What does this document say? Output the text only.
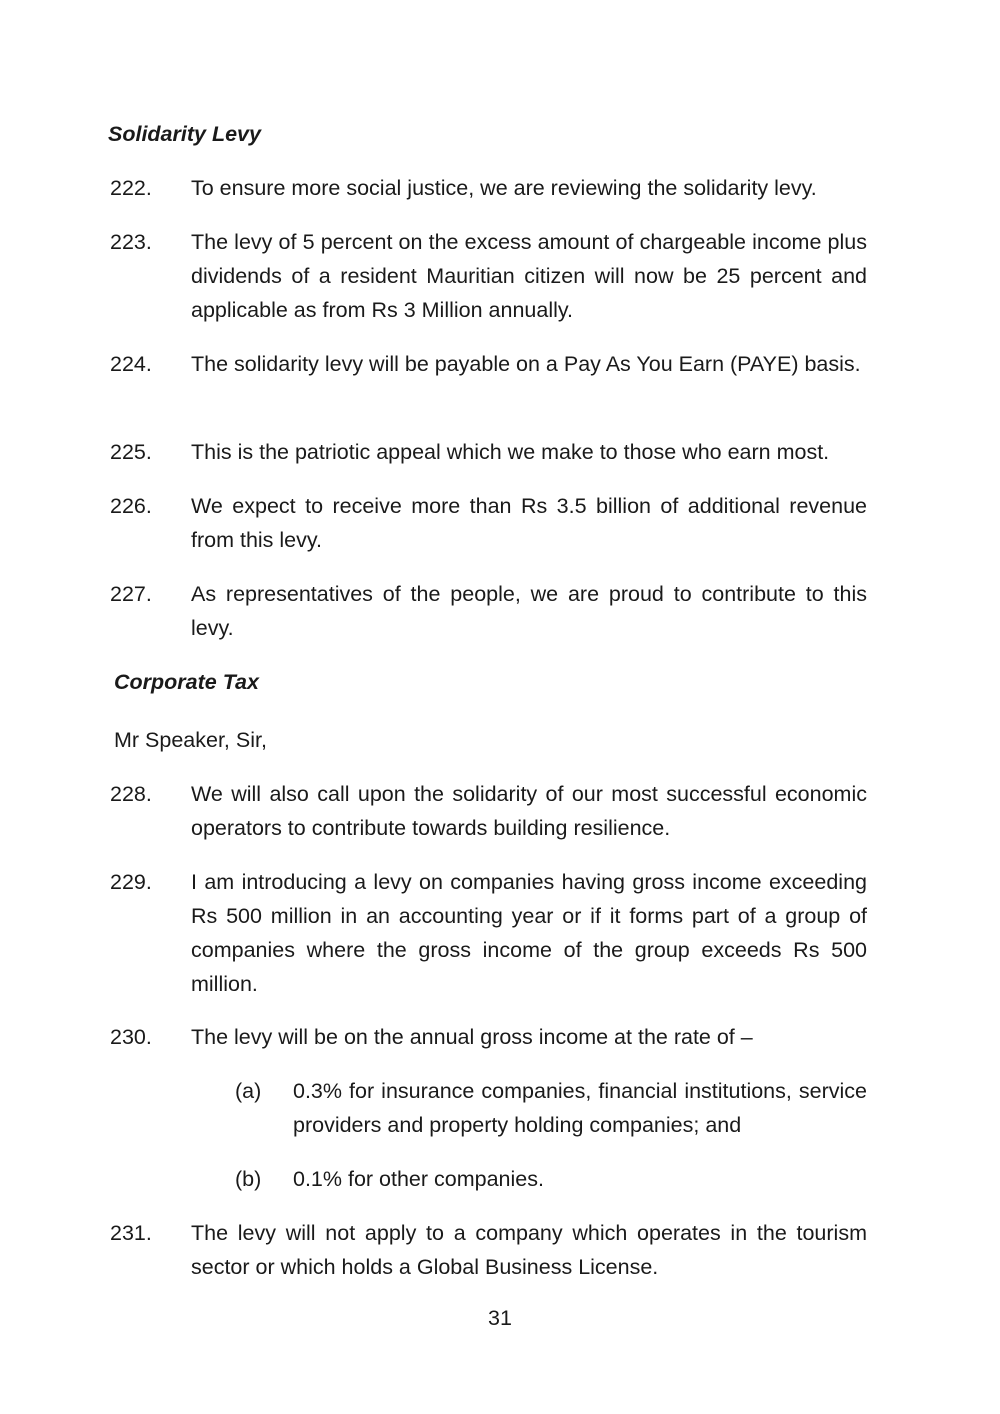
Solidarity Levy

222. To ensure more social justice, we are reviewing the solidarity levy.
223. The levy of 5 percent on the excess amount of chargeable income plus dividends of a resident Mauritian citizen will now be 25 percent and applicable as from Rs 3 Million annually.
224. The solidarity levy will be payable on a Pay As You Earn (PAYE) basis.
225. This is the patriotic appeal which we make to those who earn most.
226. We expect to receive more than Rs 3.5 billion of additional revenue from this levy.
227. As representatives of the people, we are proud to contribute to this levy.

Corporate Tax

Mr Speaker, Sir,

228. We will also call upon the solidarity of our most successful economic operators to contribute towards building resilience.
229. I am introducing a levy on companies having gross income exceeding Rs 500 million in an accounting year or if it forms part of a group of companies where the gross income of the group exceeds Rs 500 million.
230. The levy will be on the annual gross income at the rate of –
(a) 0.3% for insurance companies, financial institutions, service providers and property holding companies; and
(b) 0.1% for other companies.
231. The levy will not apply to a company which operates in the tourism sector or which holds a Global Business License.
31
